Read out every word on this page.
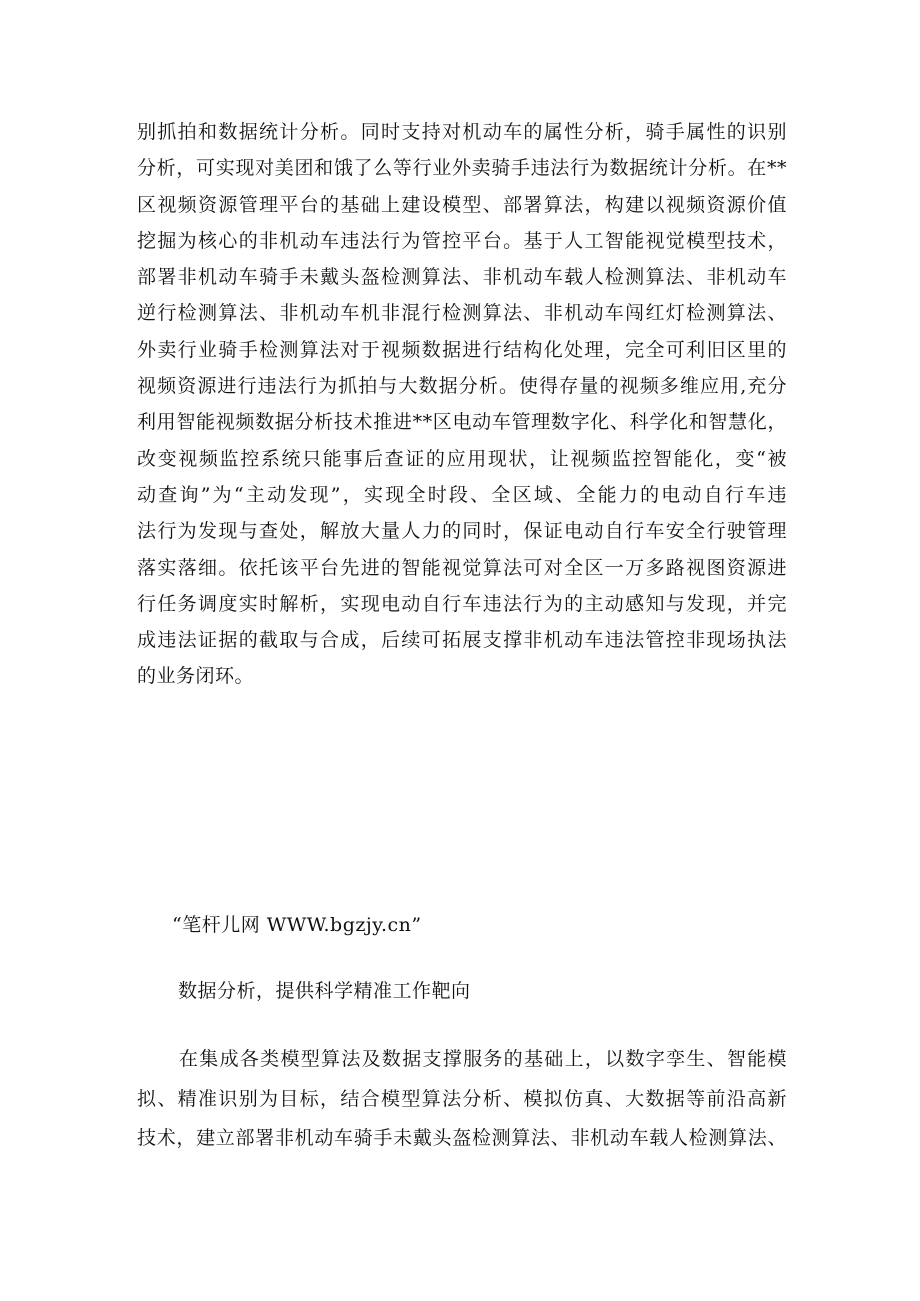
别抓拍和数据统计分析。同时支持对机动车的属性分析，骑手属性的识别
分析，可实现对美团和饿了么等行业外卖骑手违法行为数据统计分析。在**
区视频资源管理平台的基础上建设模型、部署算法，构建以视频资源价值
挖掘为核心的非机动车违法行为管控平台。基于人工智能视觉模型技术，
部署非机动车骑手未戴头盔检测算法、非机动车载人检测算法、非机动车
逆行检测算法、非机动车机非混行检测算法、非机动车闯红灯检测算法、
外卖行业骑手检测算法对于视频数据进行结构化处理，完全可利旧区里的
视频资源进行违法行为抓拍与大数据分析。使得存量的视频多维应用,充分
利用智能视频数据分析技术推进**区电动车管理数字化、科学化和智慧化，
改变视频监控系统只能事后查证的应用现状，让视频监控智能化，变“被
动查询”为“主动发现”，实现全时段、全区域、全能力的电动自行车违
法行为发现与查处，解放大量人力的同时，保证电动自行车安全行驶管理
落实落细。依托该平台先进的智能视觉算法可对全区一万多路视图资源进
行任务调度实时解析，实现电动自行车违法行为的主动感知与发现，并完
成违法证据的截取与合成，后续可拓展支撑非机动车违法管控非现场执法
的业务闭环。
“笔杆儿网 WWW.bgzjy.cn”
数据分析，提供科学精准工作靶向
在集成各类模型算法及数据支撑服务的基础上，以数字孪生、智能模
拟、精准识别为目标，结合模型算法分析、模拟仿真、大数据等前沿高新
技术，建立部署非机动车骑手未戴头盔检测算法、非机动车载人检测算法、
